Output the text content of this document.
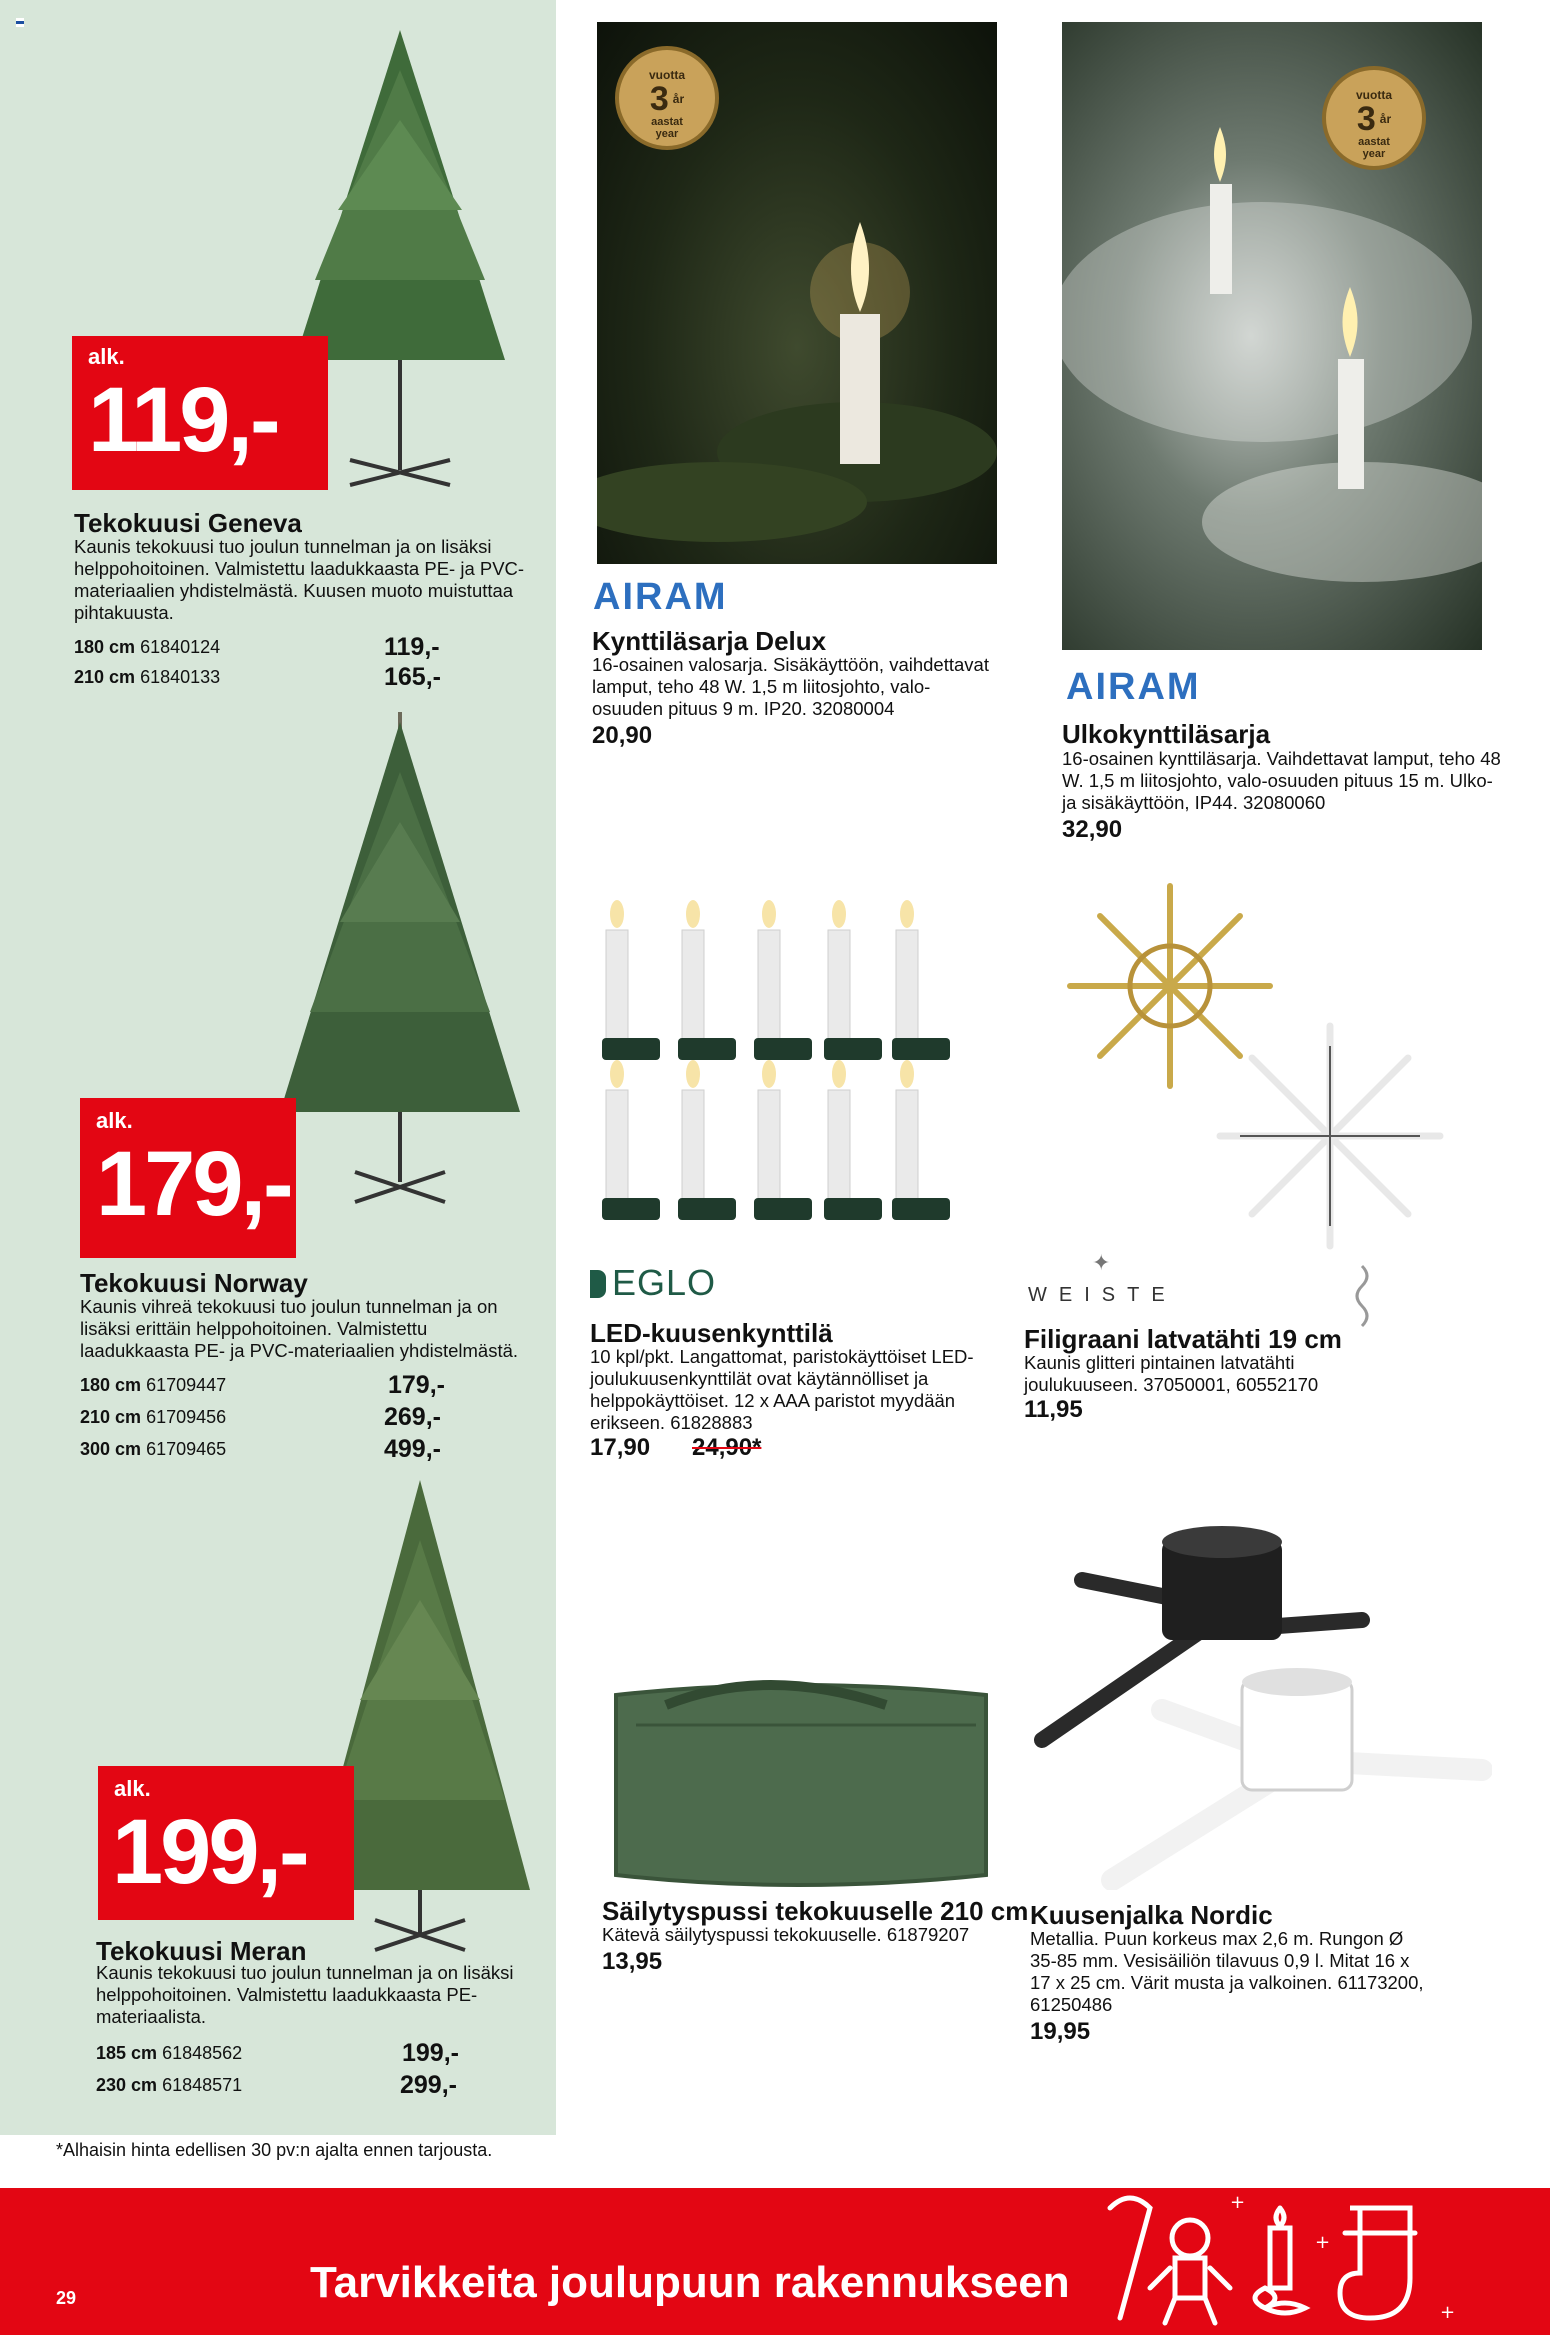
alk.
119,-
Tekokuusi Geneva
Kaunis tekokuusi tuo joulun tunnelman ja on lisäksi helppohoitoinen. Valmistettu laadukkaasta PE- ja PVC-materiaalien yhdistelmästä. Kuusen muoto muistuttaa pihtakuusta.
180 cm 61840124	119,-
210 cm 61840133	165,-
alk.
179,-
Tekokuusi Norway
Kaunis vihreä tekokuusi tuo joulun tunnelman ja on lisäksi erittäin helppohoitoinen. Valmistettu laadukkaasta PE- ja PVC-materiaalien yhdistelmästä.
180 cm 61709447	179,-
210 cm 61709456	269,-
300 cm 61709465	499,-
alk.
199,-
Tekokuusi Meran
Kaunis tekokuusi tuo joulun tunnelman ja on lisäksi helppohoitoinen. Valmistettu laadukkaasta PE-materiaalista.
185 cm 61848562	199,-
230 cm 61848571	299,-
vuotta
3 år
aastat
year
AIRAM
Kynttiläsarja Delux
16-osainen valosarja. Sisäkäyttöön, vaihdettavat lamput, teho 48 W. 1,5 m liitosjohto, valo-osuuden pituus 9 m. IP20. 32080004
20,90
vuotta
3 år
aastat
year
AIRAM
Ulkokynttiläsarja
16-osainen kynttiläsarja. Vaihdettavat lamput, teho 48 W. 1,5 m liitosjohto, valo-osuuden pituus 15 m. Ulko- ja sisäkäyttöön, IP44. 32080060
32,90
EGLO
LED-kuusenkynttilä
10 kpl/pkt. Langattomat, paristokäyttöiset LED-joulukuusenkynttilät ovat käytännölliset ja helppokäyttöiset. 12 x AAA paristot myydään erikseen. 61828883
17,90 24,90*
✦
WEISTE
Filigraani latvatähti 19 cm
Kaunis glitteri pintainen latvatähti joulukuuseen. 37050001, 60552170
11,95
Säilytyspussi tekokuuselle 210 cm
Kätevä säilytyspussi tekokuuselle. 61879207
13,95
Kuusenjalka Nordic
Metallia. Puun korkeus max 2,6 m. Rungon Ø 35-85 mm. Vesisäiliön tilavuus 0,9 l. Mitat 16 x 17 x 25 cm. Värit musta ja valkoinen. 61173200, 61250486
19,95
*Alhaisin hinta edellisen 30 pv:n ajalta ennen tarjousta.
+
+
+
29	Tarvikkeita joulupuun rakennukseen
